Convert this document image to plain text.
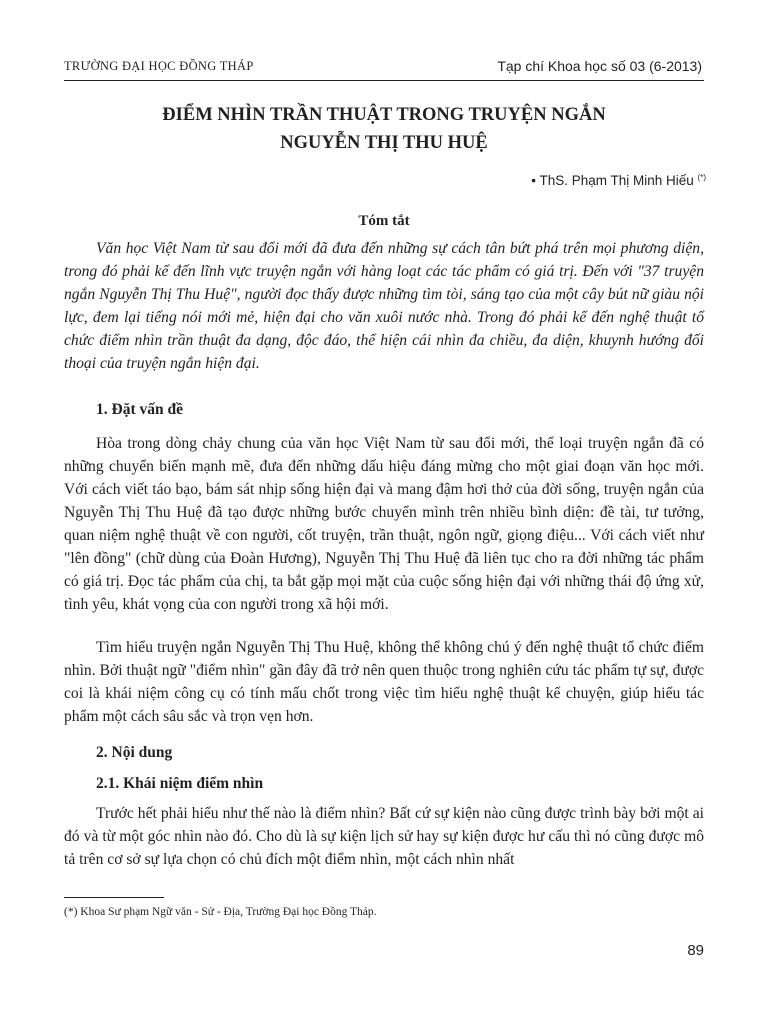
TRƯỜNG ĐẠI HỌC ĐỒNG THÁP	Tạp chí Khoa học số 03 (6-2013)
ĐIỂM NHÌN TRẦN THUẬT TRONG TRUYỆN NGẮN
NGUYỄN THỊ THU HUỆ
• ThS. Phạm Thị Minh Hiếu (*)
Tóm tắt

Văn học Việt Nam từ sau đổi mới đã đưa đến những sự cách tân bứt phá trên mọi phương diện, trong đó phải kể đến lĩnh vực truyện ngắn với hàng loạt các tác phẩm có giá trị. Đến với "37 truyện ngắn Nguyễn Thị Thu Huệ", người đọc thấy được những tìm tòi, sáng tạo của một cây bút nữ giàu nội lực, đem lại tiếng nói mới mẻ, hiện đại cho văn xuôi nước nhà. Trong đó phải kể đến nghệ thuật tổ chức điểm nhìn trần thuật đa dạng, độc đáo, thể hiện cái nhìn đa chiều, đa diện, khuynh hướng đối thoại của truyện ngắn hiện đại.

1. Đặt vấn đề

Hòa trong dòng chảy chung của văn học Việt Nam từ sau đổi mới, thể loại truyện ngắn đã có những chuyển biến mạnh mẽ, đưa đến những dấu hiệu đáng mừng cho một giai đoạn văn học mới. Với cách viết táo bạo, bám sát nhịp sống hiện đại và mang đậm hơi thở của đời sống, truyện ngắn của Nguyễn Thị Thu Huệ đã tạo được những bước chuyển mình trên nhiều bình diện: đề tài, tư tưởng, quan niệm nghệ thuật về con người, cốt truyện, trần thuật, ngôn ngữ, giọng điệu... Với cách viết như "lên đồng" (chữ dùng của Đoàn Hương), Nguyễn Thị Thu Huệ đã liên tục cho ra đời những tác phẩm có giá trị. Đọc tác phẩm của chị, ta bắt gặp mọi mặt của cuộc sống hiện đại với những thái độ ứng xử, tình yêu, khát vọng của con người trong xã hội mới.

Tìm hiểu truyện ngắn Nguyễn Thị Thu Huệ, không thể không chú ý đến nghệ thuật tổ chức điểm nhìn. Bởi thuật ngữ "điểm nhìn" gần đây đã trở nên quen thuộc trong nghiên cứu tác phẩm tự sự, được coi là khái niệm công cụ có tính mấu chốt trong việc tìm hiểu nghệ thuật kể chuyện, giúp hiểu tác phẩm một cách sâu sắc và trọn vẹn hơn.

2. Nội dung
2.1. Khái niệm điểm nhìn

Trước hết phải hiểu như thế nào là điểm nhìn? Bất cứ sự kiện nào cũng được trình bày bởi một ai đó và từ một góc nhìn nào đó. Cho dù là sự kiện lịch sử hay sự kiện được hư cấu thì nó cũng được mô tả trên cơ sở sự lựa chọn có chủ đích một điểm nhìn, một cách nhìn nhất

(*) Khoa Sư phạm Ngữ văn - Sử - Địa, Trường Đại học Đồng Tháp.
89
